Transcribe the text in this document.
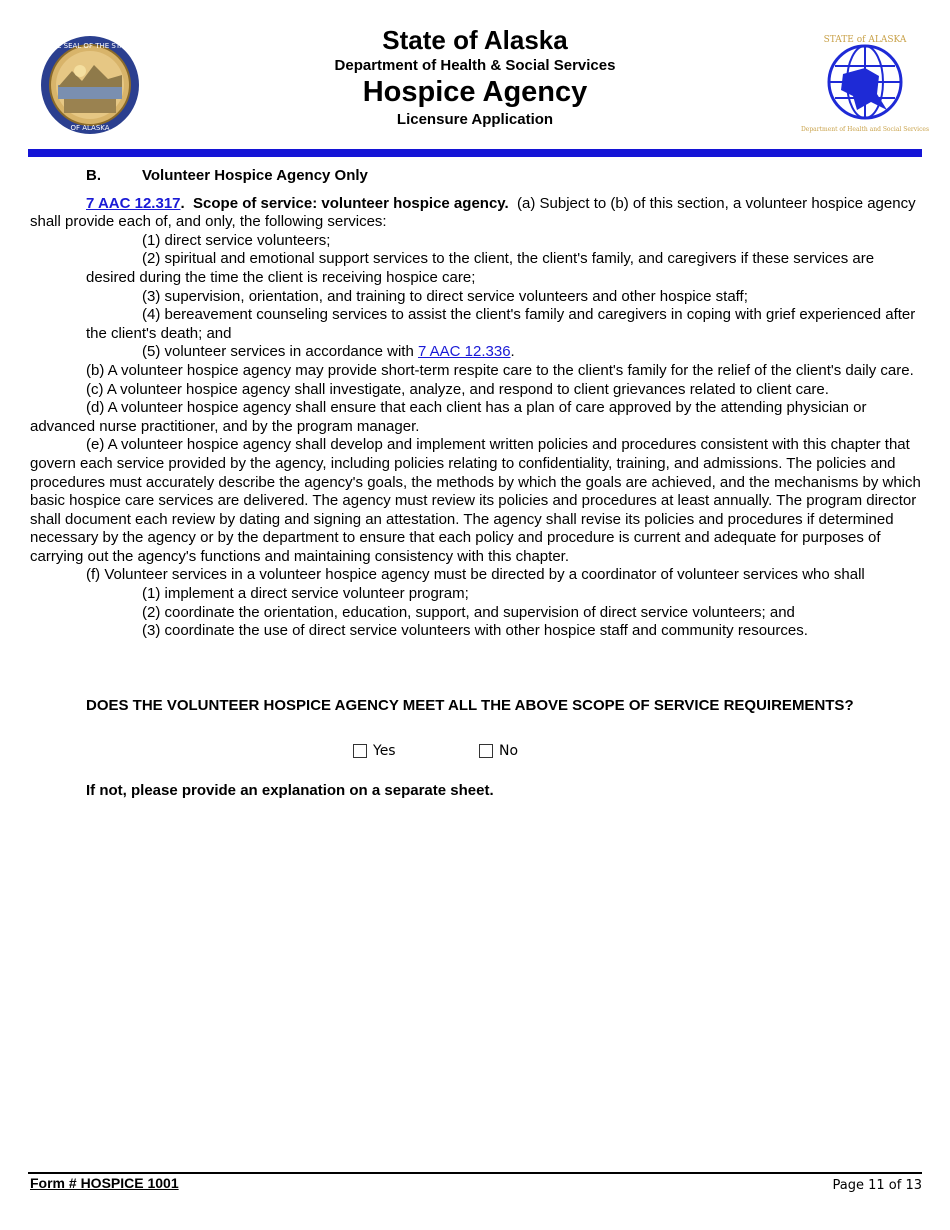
THE SEAL OF THE STATE
OF ALASKA
State of Alaska
Department of Health & Social Services
Hospice Agency
Licensure Application
STATE of ALASKA
Department of Health and Social Services

B.	Volunteer Hospice Agency Only

7 AAC 12.317. Scope of service: volunteer hospice agency. (a) Subject to (b) of this section, a volunteer hospice agency shall provide each of, and only, the following services:

(1) direct service volunteers;

(2) spiritual and emotional support services to the client, the client's family, and caregivers if these services are desired during the time the client is receiving hospice care;

(3) supervision, orientation, and training to direct service volunteers and other hospice staff;

(4) bereavement counseling services to assist the client's family and caregivers in coping with grief experienced after the client's death; and

(5) volunteer services in accordance with 7 AAC 12.336.

(b) A volunteer hospice agency may provide short-term respite care to the client's family for the relief of the client's daily care.

(c) A volunteer hospice agency shall investigate, analyze, and respond to client grievances related to client care.

(d) A volunteer hospice agency shall ensure that each client has a plan of care approved by the attending physician or advanced nurse practitioner, and by the program manager.

(e) A volunteer hospice agency shall develop and implement written policies and procedures consistent with this chapter that govern each service provided by the agency, including policies relating to confidentiality, training, and admissions. The policies and procedures must accurately describe the agency's goals, the methods by which the goals are achieved, and the mechanisms by which basic hospice care services are delivered. The agency must review its policies and procedures at least annually. The program director shall document each review by dating and signing an attestation. The agency shall revise its policies and procedures if determined necessary by the agency or by the department to ensure that each policy and procedure is current and adequate for purposes of carrying out the agency's functions and maintaining consistency with this chapter.

(f) Volunteer services in a volunteer hospice agency must be directed by a coordinator of volunteer services who shall

(1) implement a direct service volunteer program;

(2) coordinate the orientation, education, support, and supervision of direct service volunteers; and

(3) coordinate the use of direct service volunteers with other hospice staff and community resources.

DOES THE VOLUNTEER HOSPICE AGENCY MEET ALL THE ABOVE SCOPE OF SERVICE REQUIREMENTS?
Yes	No
If not, please provide an explanation on a separate sheet.
Form # HOSPICE 1001	Page 11 of 13
